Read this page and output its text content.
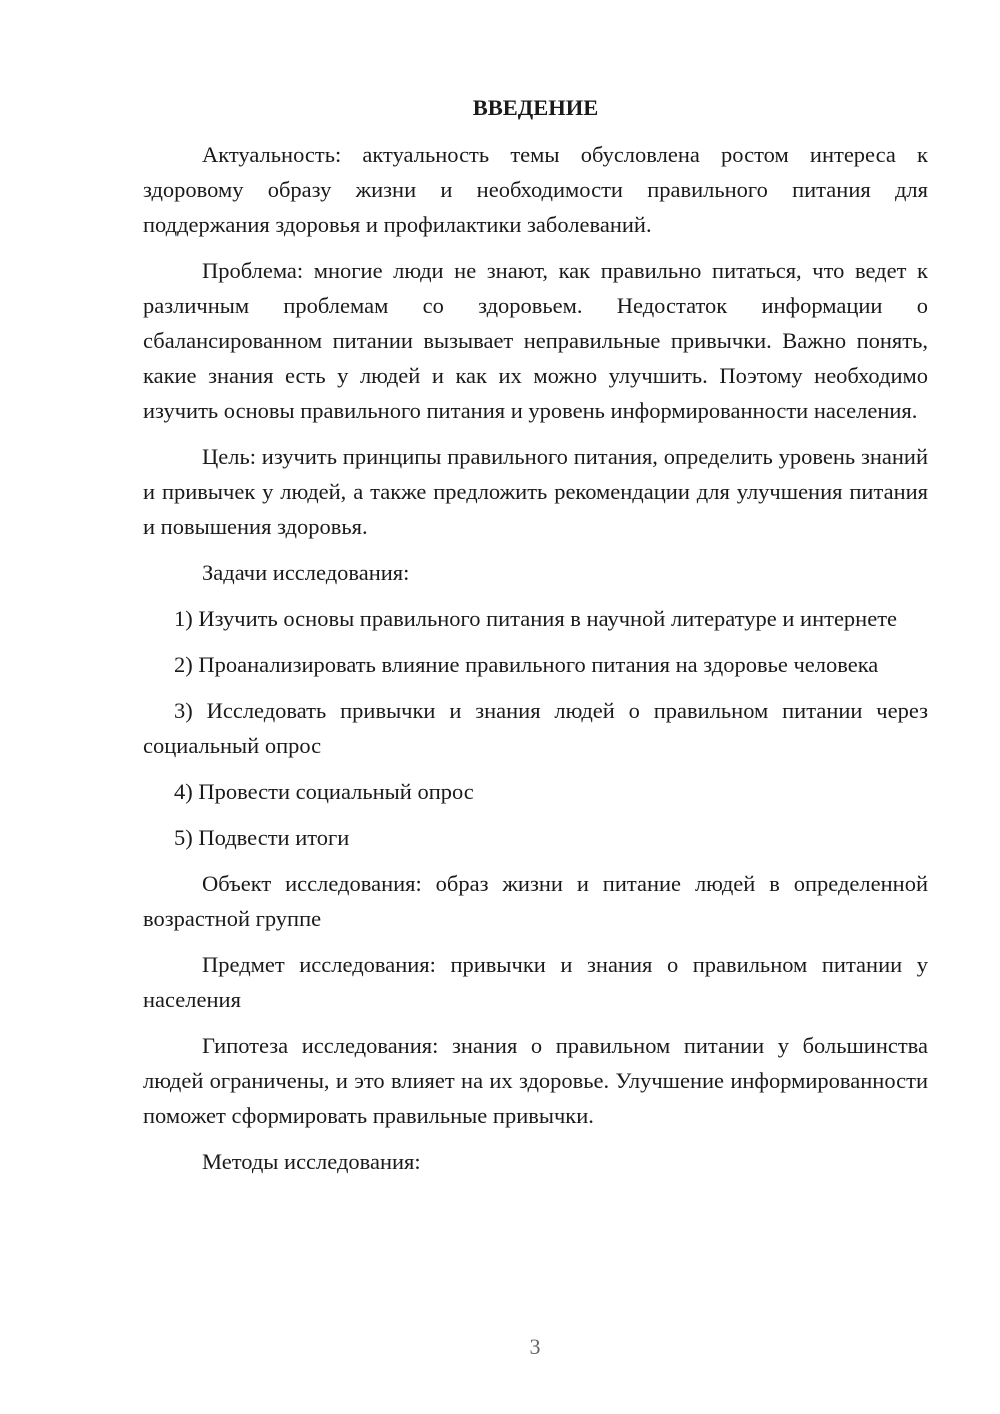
ВВЕДЕНИЕ

Актуальность: актуальность темы обусловлена ростом интереса к здоровому образу жизни и необходимости правильного питания для поддержания здоровья и профилактики заболеваний.

Проблема: многие люди не знают, как правильно питаться, что ведет к различным проблемам со здоровьем. Недостаток информации о сбалансированном питании вызывает неправильные привычки. Важно понять, какие знания есть у людей и как их можно улучшить. Поэтому необходимо изучить основы правильного питания и уровень информированности населения.

Цель: изучить принципы правильного питания, определить уровень знаний и привычек у людей, а также предложить рекомендации для улучшения питания и повышения здоровья.

Задачи исследования:

1) Изучить основы правильного питания в научной литературе и интернете

2) Проанализировать влияние правильного питания на здоровье человека

3) Исследовать привычки и знания людей о правильном питании через социальный опрос

4) Провести социальный опрос

5) Подвести итоги

Объект исследования: образ жизни и питание людей в определенной возрастной группе

Предмет исследования: привычки и знания о правильном питании у населения

Гипотеза исследования: знания о правильном питании у большинства людей ограничены, и это влияет на их здоровье. Улучшение информированности поможет сформировать правильные привычки.

Методы исследования:

3
